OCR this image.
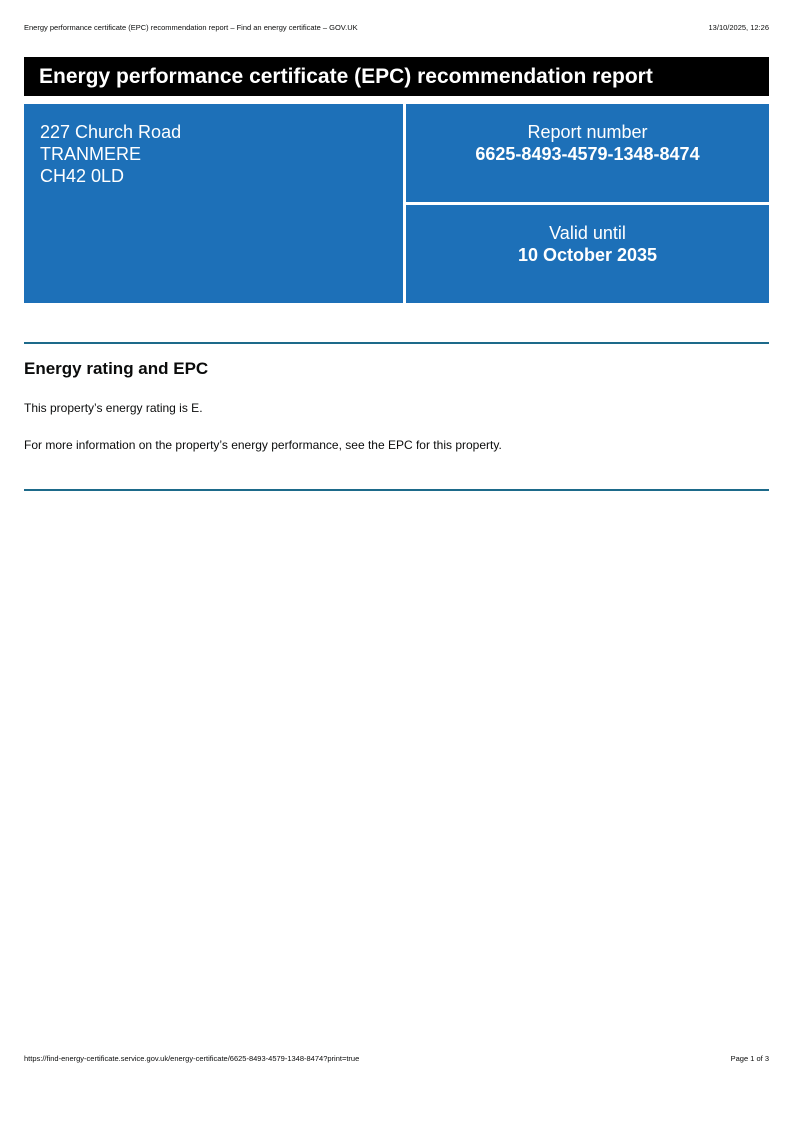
Energy performance certificate (EPC) recommendation report – Find an energy certificate – GOV.UK	13/10/2025, 12:26
Energy performance certificate (EPC) recommendation report
227 Church Road
TRANMERE
CH42 0LD
Report number
6625-8493-4579-1348-8474
Valid until
10 October 2035
Energy rating and EPC

This property’s energy rating is E.

For more information on the property’s energy performance, see the EPC for this property.

https://find-energy-certificate.service.gov.uk/energy-certificate/6625-8493-4579-1348-8474?print=true	Page 1 of 3
